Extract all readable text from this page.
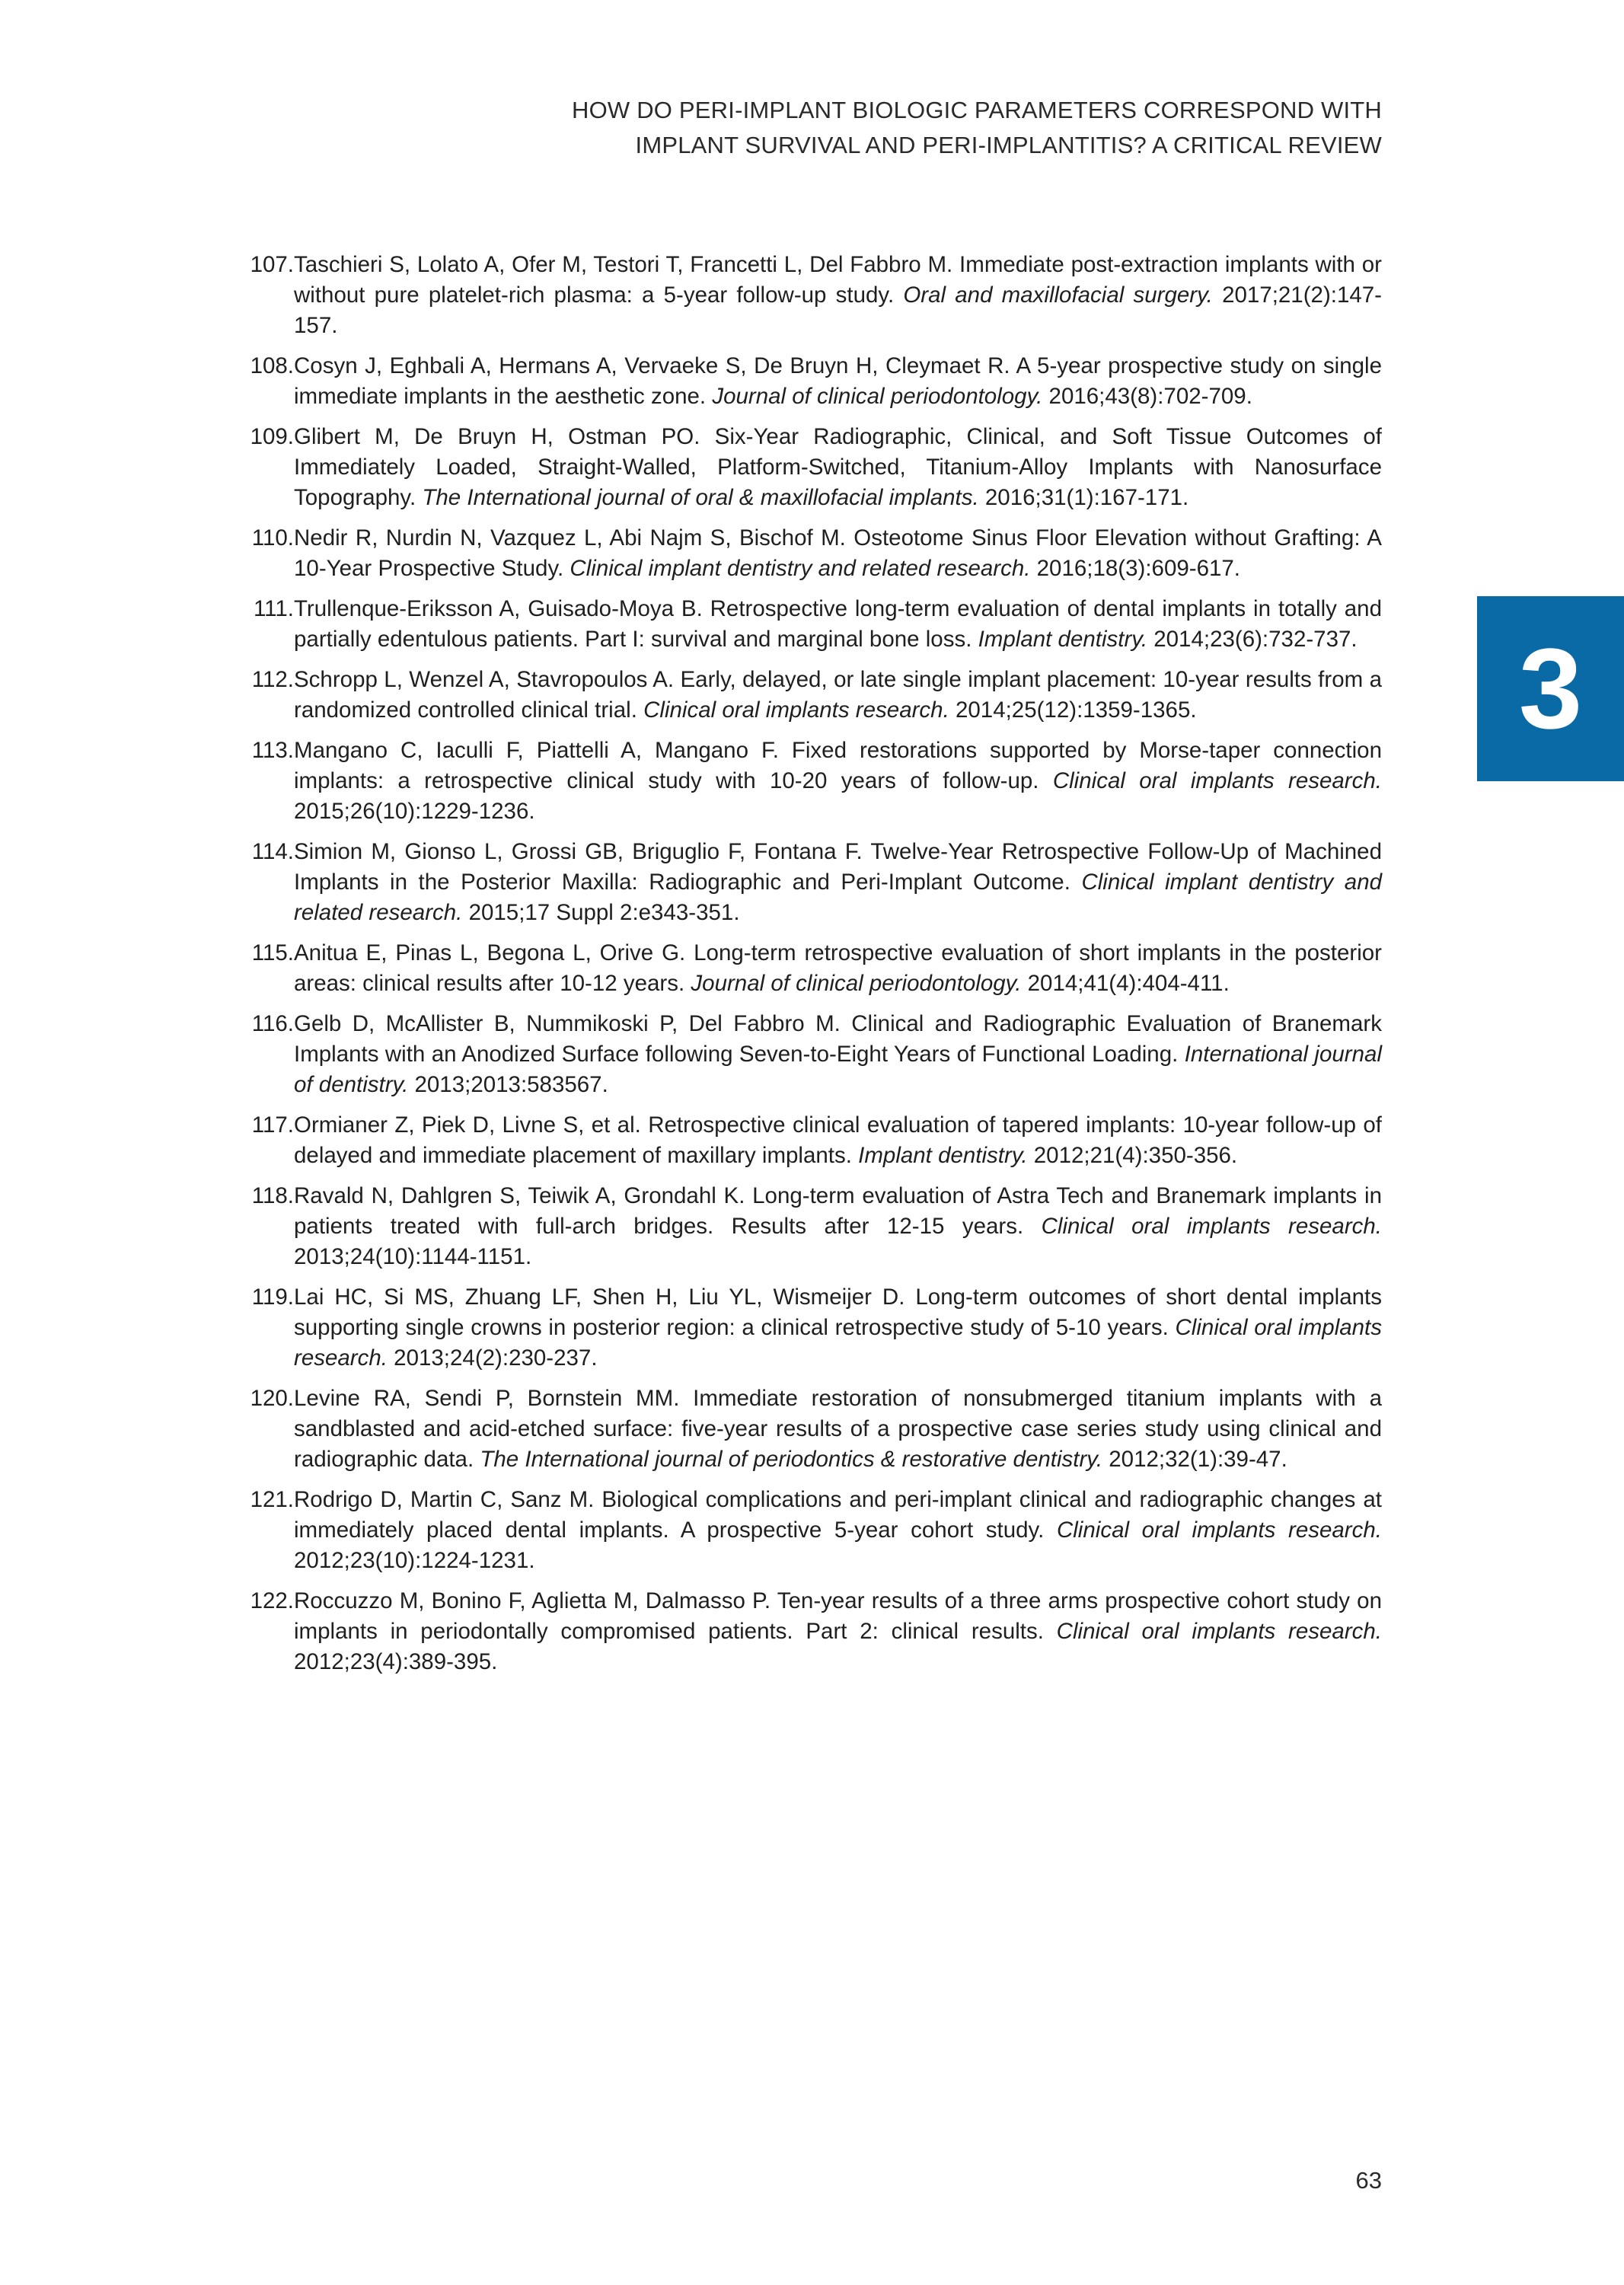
HOW DO PERI-IMPLANT BIOLOGIC PARAMETERS CORRESPOND WITH
IMPLANT SURVIVAL AND PERI-IMPLANTITIS? A CRITICAL REVIEW
107. Taschieri S, Lolato A, Ofer M, Testori T, Francetti L, Del Fabbro M. Immediate post-extraction implants with or without pure platelet-rich plasma: a 5-year follow-up study. Oral and maxillofacial surgery. 2017;21(2):147-157.
108. Cosyn J, Eghbali A, Hermans A, Vervaeke S, De Bruyn H, Cleymaet R. A 5-year prospective study on single immediate implants in the aesthetic zone. Journal of clinical periodontology. 2016;43(8):702-709.
109. Glibert M, De Bruyn H, Ostman PO. Six-Year Radiographic, Clinical, and Soft Tissue Outcomes of Immediately Loaded, Straight-Walled, Platform-Switched, Titanium-Alloy Implants with Nanosurface Topography. The International journal of oral & maxillofacial implants. 2016;31(1):167-171.
110. Nedir R, Nurdin N, Vazquez L, Abi Najm S, Bischof M. Osteotome Sinus Floor Elevation without Grafting: A 10-Year Prospective Study. Clinical implant dentistry and related research. 2016;18(3):609-617.
111. Trullenque-Eriksson A, Guisado-Moya B. Retrospective long-term evaluation of dental implants in totally and partially edentulous patients. Part I: survival and marginal bone loss. Implant dentistry. 2014;23(6):732-737.
112. Schropp L, Wenzel A, Stavropoulos A. Early, delayed, or late single implant placement: 10-year results from a randomized controlled clinical trial. Clinical oral implants research. 2014;25(12):1359-1365.
113. Mangano C, Iaculli F, Piattelli A, Mangano F. Fixed restorations supported by Morse-taper connection implants: a retrospective clinical study with 10-20 years of follow-up. Clinical oral implants research. 2015;26(10):1229-1236.
114. Simion M, Gionso L, Grossi GB, Briguglio F, Fontana F. Twelve-Year Retrospective Follow-Up of Machined Implants in the Posterior Maxilla: Radiographic and Peri-Implant Outcome. Clinical implant dentistry and related research. 2015;17 Suppl 2:e343-351.
115. Anitua E, Pinas L, Begona L, Orive G. Long-term retrospective evaluation of short implants in the posterior areas: clinical results after 10-12 years. Journal of clinical periodontology. 2014;41(4):404-411.
116. Gelb D, McAllister B, Nummikoski P, Del Fabbro M. Clinical and Radiographic Evaluation of Branemark Implants with an Anodized Surface following Seven-to-Eight Years of Functional Loading. International journal of dentistry. 2013;2013:583567.
117. Ormianer Z, Piek D, Livne S, et al. Retrospective clinical evaluation of tapered implants: 10-year follow-up of delayed and immediate placement of maxillary implants. Implant dentistry. 2012;21(4):350-356.
118. Ravald N, Dahlgren S, Teiwik A, Grondahl K. Long-term evaluation of Astra Tech and Branemark implants in patients treated with full-arch bridges. Results after 12-15 years. Clinical oral implants research. 2013;24(10):1144-1151.
119. Lai HC, Si MS, Zhuang LF, Shen H, Liu YL, Wismeijer D. Long-term outcomes of short dental implants supporting single crowns in posterior region: a clinical retrospective study of 5-10 years. Clinical oral implants research. 2013;24(2):230-237.
120. Levine RA, Sendi P, Bornstein MM. Immediate restoration of nonsubmerged titanium implants with a sandblasted and acid-etched surface: five-year results of a prospective case series study using clinical and radiographic data. The International journal of periodontics & restorative dentistry. 2012;32(1):39-47.
121. Rodrigo D, Martin C, Sanz M. Biological complications and peri-implant clinical and radiographic changes at immediately placed dental implants. A prospective 5-year cohort study. Clinical oral implants research. 2012;23(10):1224-1231.
122. Roccuzzo M, Bonino F, Aglietta M, Dalmasso P. Ten-year results of a three arms prospective cohort study on implants in periodontally compromised patients. Part 2: clinical results. Clinical oral implants research. 2012;23(4):389-395.
3
63
